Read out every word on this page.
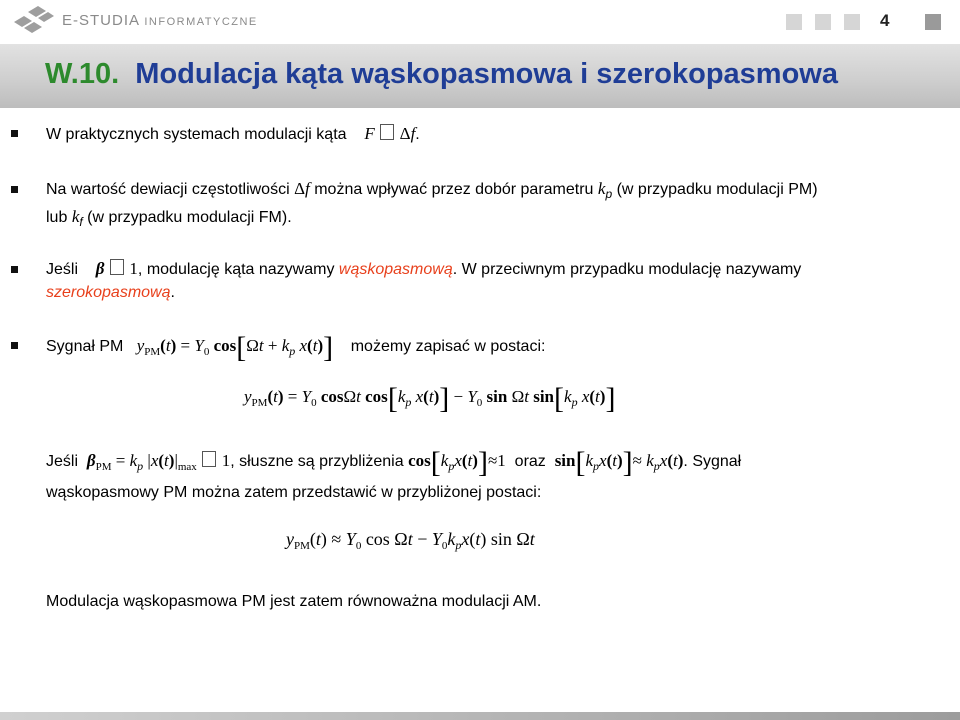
E-STUDIA INFORMATYCZNE	4
W.10. Modulacja kąta wąskopasmowa i szerokopasmowa
W praktycznych systemach modulacji kąta F Δf.
Na wartość dewiacji częstotliwości Δf można wpływać przez dobór parametru $k_p$ (w przypadku modulacji PM)
lub $k_f$ (w przypadku modulacji FM).
Jeśli β 1, modulację kąta nazywamy wąskopasmową. W przeciwnym przypadku modulację nazywamy
szerokopasmową.
Sygnał PM $y_{PM}(t) = Y_0$ $\cos[\Omega t + k_p$ x(t)] możemy zapisać w postaci:
$y_{PM}(t) = Y_0$ cosΩt $\cos[k_p$ $x(t)] - Y_0$ sin Ωt $\sin[k_p$ x(t)]
Jeśli $\beta_{PM} = k_p$ $|x(t)|_{max}$ 1, słuszne są przybliżenia $\cos[k_px(t)]\approx 1$ oraz $\sin[k_px(t)]\approx k_px(t)$. Sygnał
wąskopasmowy PM można zatem przedstawić w przybliżonej postaci:
$y_{PM}(t) \approx Y_0$ $\cos \Omega t - Y_0k_px(t)$ sin Ωt
Modulacja wąskopasmowa PM jest zatem równoważna modulacji AM.
